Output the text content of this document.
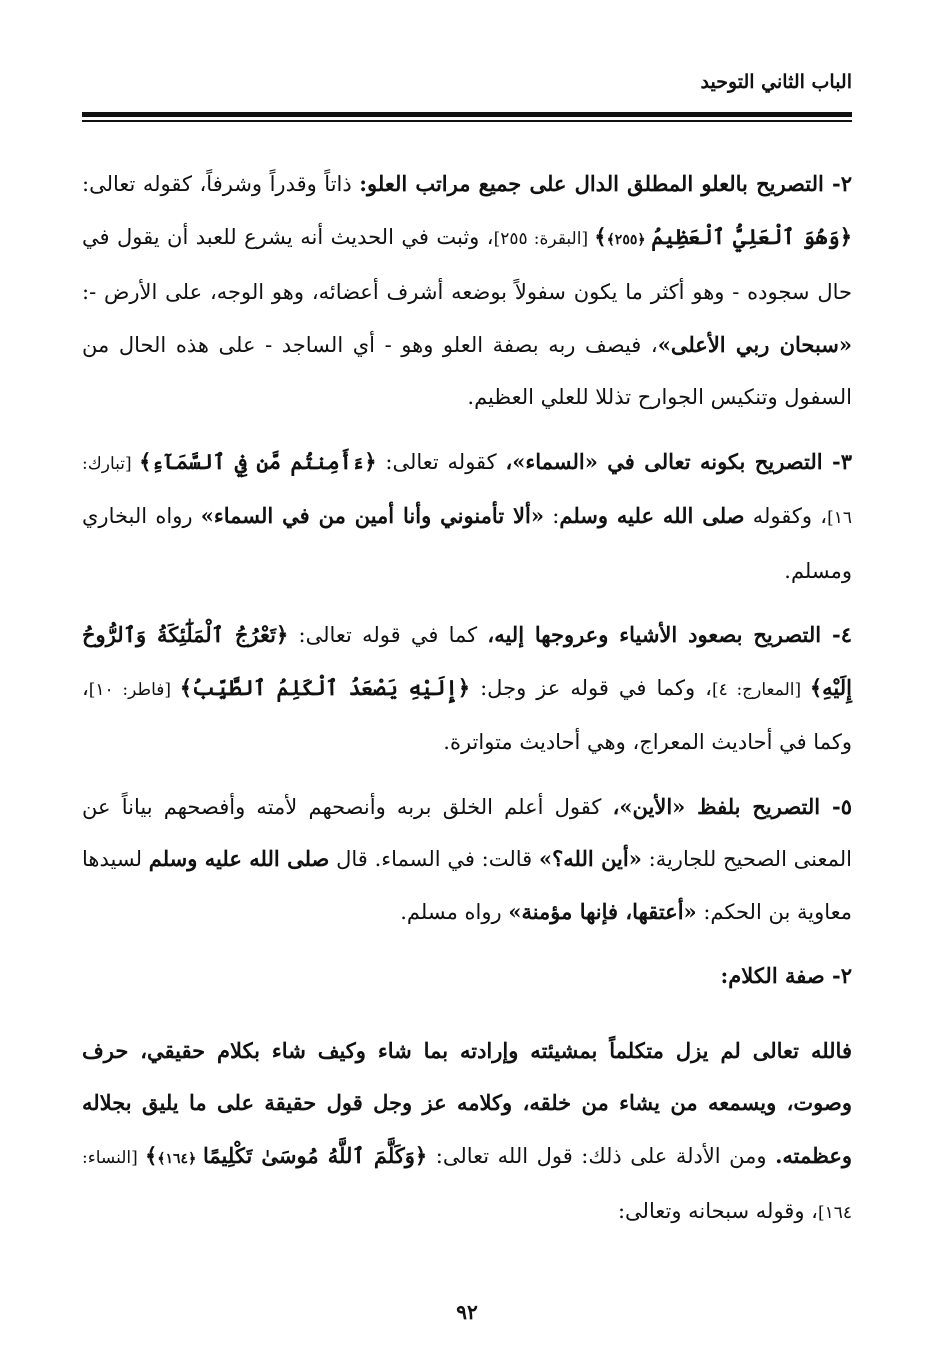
الباب الثاني التوحيد

٢- التصريح بالعلو المطلق الدال على جميع مراتب العلو: ذاتاً وقدراً وشرفاً، كقوله تعالى: ﴿وَهُوَ ٱلْعَلِيُّ ٱلْعَظِيمُ ﴿٢٥٥﴾﴾ [البقرة: ٢٥٥]، وثبت في الحديث أنه يشرع للعبد أن يقول في حال سجوده - وهو أكثر ما يكون سفولاً بوضعه أشرف أعضائه، وهو الوجه، على الأرض -: «سبحان ربي الأعلى»، فيصف ربه بصفة العلو وهو - أي الساجد - على هذه الحال من السفول وتنكيس الجوارح تذللا للعلي العظيم.

٣- التصريح بكونه تعالى في «السماء»، كقوله تعالى: ﴿ءَأَمِنتُم مَّن فِي ٱلسَّمَآءِ﴾ [تبارك: ١٦]، وكقوله صلى الله عليه وسلم: «ألا تأمنوني وأنا أمين من في السماء» رواه البخاري ومسلم.

٤- التصريح بصعود الأشياء وعروجها إليه، كما في قوله تعالى: ﴿تَعْرُجُ ٱلْمَلَٰٓئِكَةُ وَٱلرُّوحُ إِلَيْهِ﴾ [المعارج: ٤]، وكما في قوله عز وجل: ﴿إِلَيْهِ يَصْعَدُ ٱلْكَلِمُ ٱلطَّيِّبُ﴾ [فاطر: ١٠]، وكما في أحاديث المعراج، وهي أحاديث متواترة.

٥- التصريح بلفظ «الأين»، كقول أعلم الخلق بربه وأنصحهم لأمته وأفصحهم بياناً عن المعنى الصحيح للجارية: «أين الله؟» قالت: في السماء. قال صلى الله عليه وسلم لسيدها معاوية بن الحكم: «أعتقها، فإنها مؤمنة» رواه مسلم.

٢- صفة الكلام:

فالله تعالى لم يزل متكلماً بمشيئته وإرادته بما شاء وكيف شاء بكلام حقيقي، حرف وصوت، ويسمعه من يشاء من خلقه، وكلامه عز وجل قول حقيقة على ما يليق بجلاله وعظمته. ومن الأدلة على ذلك: قول الله تعالى: ﴿وَكَلَّمَ ٱللَّهُ مُوسَىٰ تَكْلِيمًا ﴿١٦٤﴾﴾ [النساء: ١٦٤]، وقوله سبحانه وتعالى:

٩٢
